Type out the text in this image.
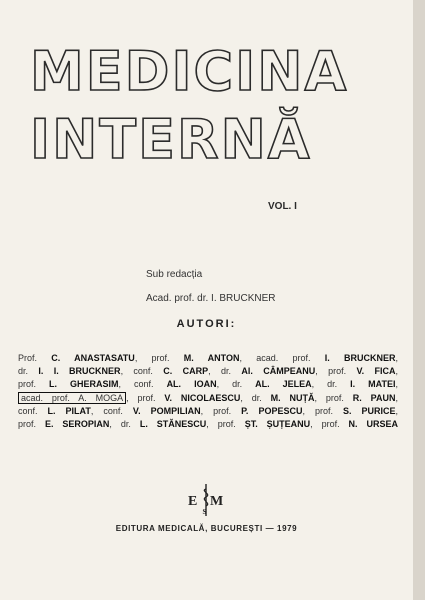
MEDICINA
INTERNĂ
VOL. I
Sub redacția
Acad. prof. dr. I. BRUCKNER
AUTORI:
Prof. C. ANASTASATU, prof. M. ANTON, acad. prof. I. BRUCKNER,
dr. I. I. BRUCKNER, conf. C. CARP, dr. Al. CÂMPEANU, prof. V. FICA,
prof. L. GHERASIM, conf. AL. IOAN, dr. AL. JELEA, dr. I. MATEI,
acad. prof. A. MOGA , prof. V. NICOLAESCU, dr. M. NUȚĂ, prof. R. PAUN,
conf. L. PILAT, conf. V. POMPILIAN, prof. P. POPESCU, prof. S. PURICE,
prof. E. SEROPIAN, dr. L. STĂNESCU, prof. ȘT. ȘUȚEANU, prof. N. URSEA
E M
S
EDITURA MEDICALĂ, BUCUREȘTI — 1979
